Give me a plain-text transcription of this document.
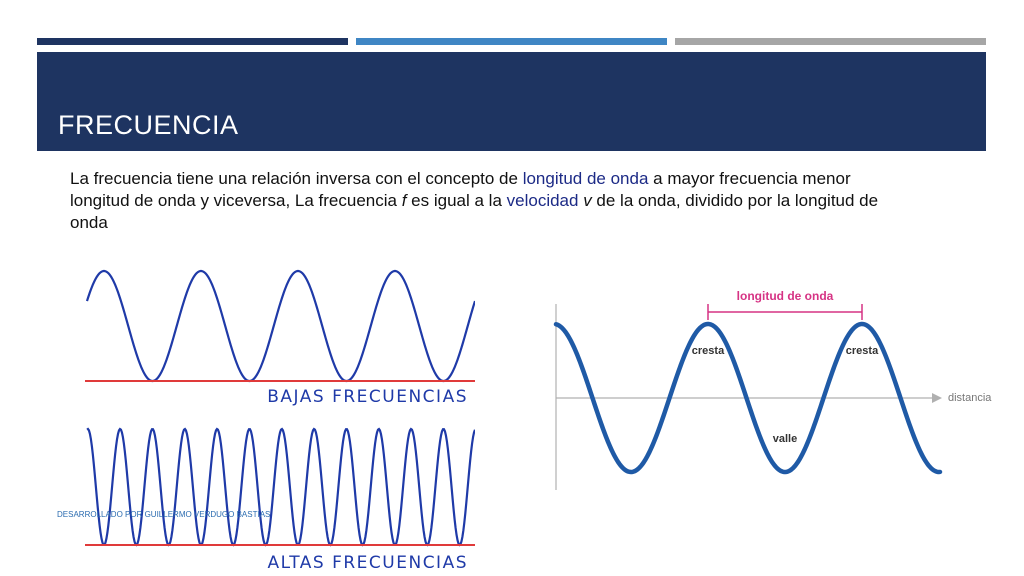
FRECUENCIA
La frecuencia tiene una relación inversa con el concepto de longitud de onda a mayor frecuencia menor longitud de onda y viceversa, La frecuencia f es igual a la velocidad v de la onda, dividido por la longitud de onda
BAJAS FRECUENCIAS
ALTAS FRECUENCIAS
longitud de onda
cresta	cresta
valle
distancia
DESARROLLADO POR GUILLERMO VERDUGO BASTIAS
